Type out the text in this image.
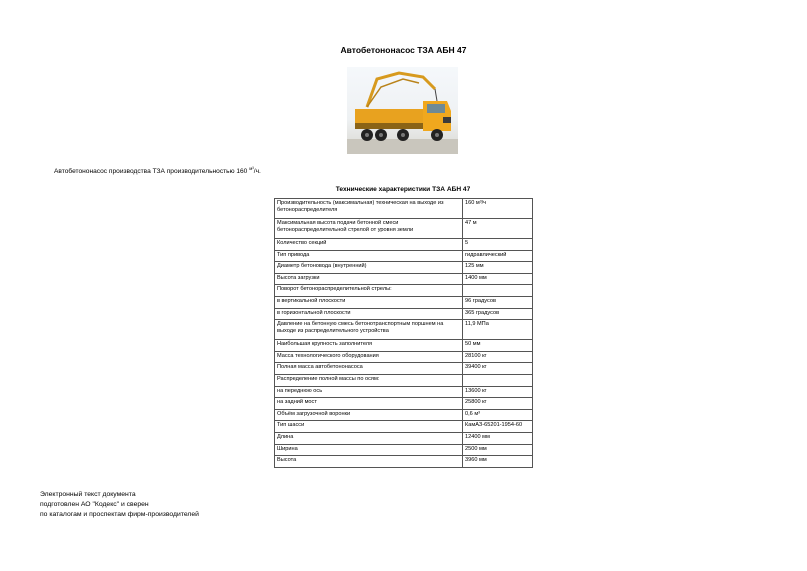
Автобетононасос ТЗА АБН 47
Автобетононасос производства ТЗА производительностью 160 $^{м^3}$/ч.
Технические характеристики ТЗА АБН 47
Производительность (максимальная) техническая на выходе из бетонораспределителя	160 м³/ч
Максимальная высота подачи бетонной смеси бетонораспределительной стрелой от уровня земли	47 м
Количество секций	5
Тип привода	гидравлический
Диаметр бетоновода (внутренний)	125 мм
Высота загрузки	1400 мм
Поворот бетонораспределительной стрелы:	
в вертикальной плоскости	96 градусов
в горизонтальной плоскости	365 градусов
Давление на бетонную смесь бетонотранспортным поршнем на выходе из распределительного устройства	11,9 МПа
Наибольшая крупность заполнителя	50 мм
Масса технологического оборудования	28100 кг
Полная масса автобетононасоса	39400 кг
Распределение полной массы по осям:	
на переднюю ось	13600 кг
на задний мост	25800 кг
Объём загрузочной воронки	0,6 м³
Тип шасси	КамАЗ-65201-1954-60
Длина	12400 мм
Ширина	2500 мм
Высота	3960 мм
Электронный текст документа
подготовлен АО "Кодекс" и сверен
по каталогам и проспектам фирм-производителей
